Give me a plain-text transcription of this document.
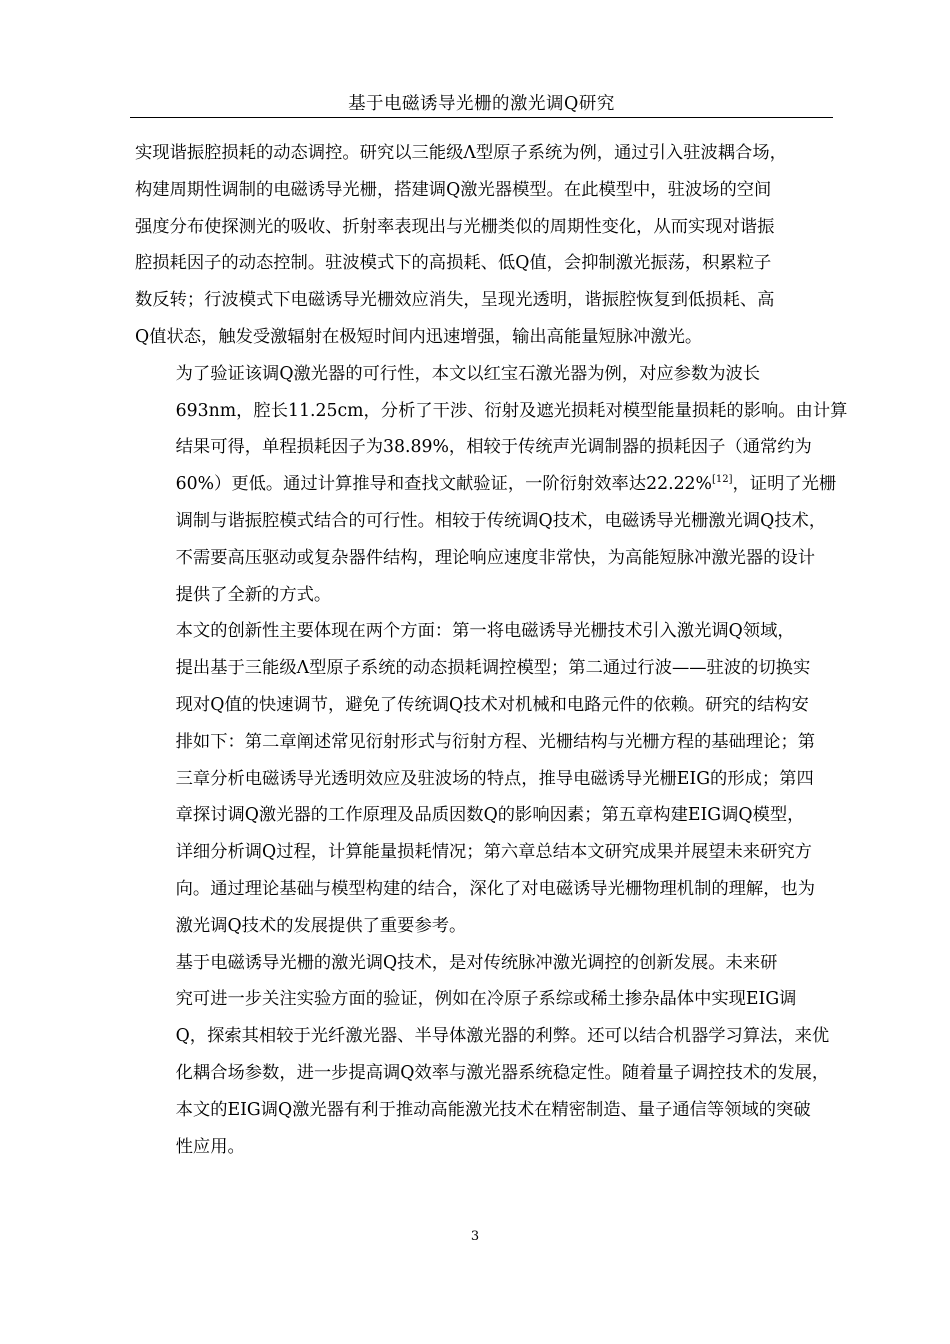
基于电磁诱导光栅的激光调Q研究

实现谐振腔损耗的动态调控。研究以三能级Λ型原子系统为例，通过引入驻波耦合场，
构建周期性调制的电磁诱导光栅，搭建调Q激光器模型。在此模型中，驻波场的空间
强度分布使探测光的吸收、折射率表现出与光栅类似的周期性变化，从而实现对谐振
腔损耗因子的动态控制。驻波模式下的高损耗、低Q值，会抑制激光振荡，积累粒子
数反转；行波模式下电磁诱导光栅效应消失，呈现光透明，谐振腔恢复到低损耗、高
Q值状态，触发受激辐射在极短时间内迅速增强，输出高能量短脉冲激光。

为了验证该调Q激光器的可行性，本文以红宝石激光器为例，对应参数为波长
693nm，腔长11.25cm，分析了干涉、衍射及遮光损耗对模型能量损耗的影响。由计算
结果可得，单程损耗因子为38.89%，相较于传统声光调制器的损耗因子（通常约为
60%）更低。通过计算推导和查找文献验证，一阶衍射效率达22.22%[12]，证明了光栅
调制与谐振腔模式结合的可行性。相较于传统调Q技术，电磁诱导光栅激光调Q技术，
不需要高压驱动或复杂器件结构，理论响应速度非常快，为高能短脉冲激光器的设计
提供了全新的方式。

本文的创新性主要体现在两个方面：第一将电磁诱导光栅技术引入激光调Q领域，
提出基于三能级Λ型原子系统的动态损耗调控模型；第二通过行波——驻波的切换实
现对Q值的快速调节，避免了传统调Q技术对机械和电路元件的依赖。研究的结构安
排如下：第二章阐述常见衍射形式与衍射方程、光栅结构与光栅方程的基础理论；第
三章分析电磁诱导光透明效应及驻波场的特点，推导电磁诱导光栅EIG的形成；第四
章探讨调Q激光器的工作原理及品质因数Q的影响因素；第五章构建EIG调Q模型，
详细分析调Q过程，计算能量损耗情况；第六章总结本文研究成果并展望未来研究方
向。通过理论基础与模型构建的结合，深化了对电磁诱导光栅物理机制的理解，也为
激光调Q技术的发展提供了重要参考。

基于电磁诱导光栅的激光调Q技术，是对传统脉冲激光调控的创新发展。未来研
究可进一步关注实验方面的验证，例如在冷原子系综或稀土掺杂晶体中实现EIG调
Q，探索其相较于光纤激光器、半导体激光器的利弊。还可以结合机器学习算法，来优
化耦合场参数，进一步提高调Q效率与激光器系统稳定性。随着量子调控技术的发展，
本文的EIG调Q激光器有利于推动高能激光技术在精密制造、量子通信等领域的突破
性应用。

3
